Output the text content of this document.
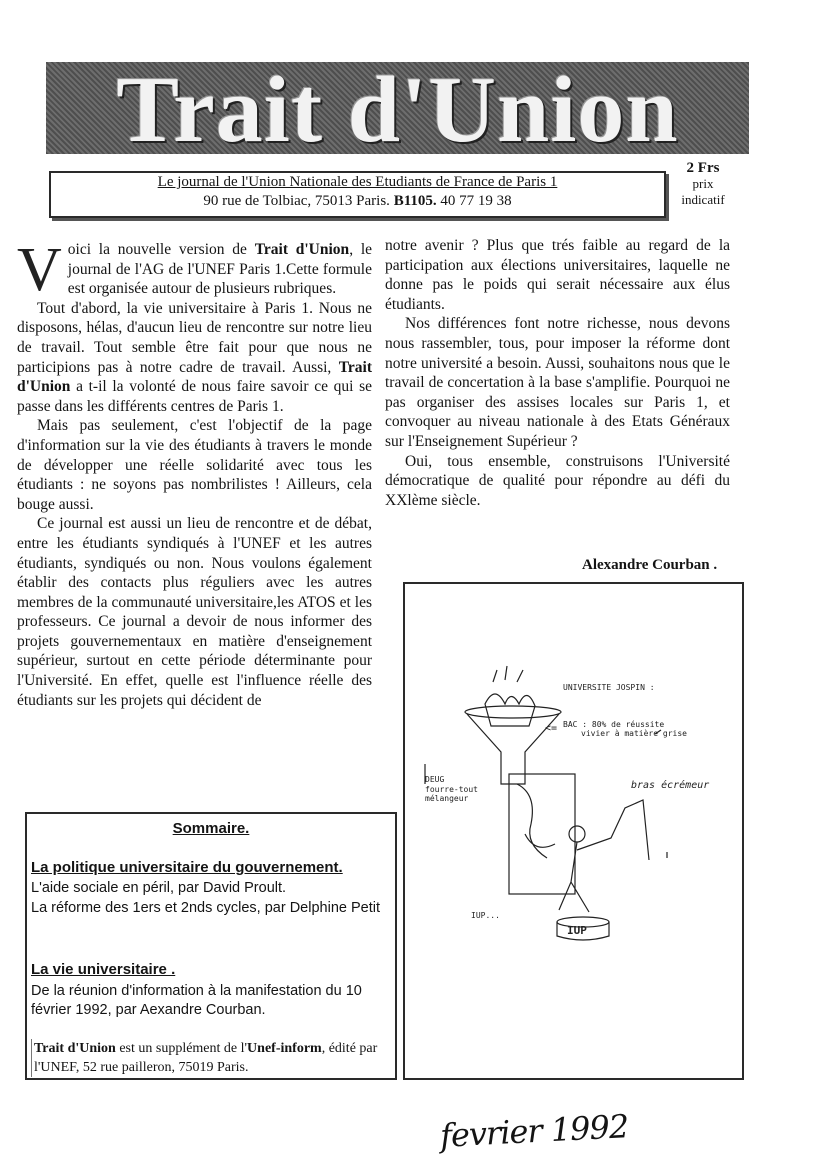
Trait d'Union
Le journal de l'Union Nationale des Etudiants de France de Paris 1
90 rue de Tolbiac, 75013 Paris. B1105. 40 77 19 38
2 Frs
prix
indicatif

Voici la nouvelle version de Trait d'Union, le journal de l'AG de l'UNEF Paris 1.Cette formule est organisée autour de plusieurs rubriques.

Tout d'abord, la vie universitaire à Paris 1. Nous ne disposons, hélas, d'aucun lieu de rencontre sur notre lieu de travail. Tout semble être fait pour que nous ne participions pas à notre cadre de travail. Aussi, Trait d'Union a t-il la volonté de nous faire savoir ce qui se passe dans les différents centres de Paris 1.

Mais pas seulement, c'est l'objectif de la page d'information sur la vie des étudiants à travers le monde de développer une réelle solidarité avec tous les étudiants : ne soyons pas nombrilistes ! Ailleurs, cela bouge aussi.

Ce journal est aussi un lieu de rencontre et de débat, entre les étudiants syndiqués à l'UNEF et les autres étudiants, syndiqués ou non. Nous voulons également établir des contacts plus réguliers avec les autres membres de la communauté universitaire,les ATOS et les professeurs. Ce journal a devoir de nous informer des projets gouvernementaux en matière d'enseignement supérieur, surtout en cette période déterminante pour l'Université. En effet, quelle est l'influence réelle des étudiants sur les projets qui décident de

notre avenir ? Plus que trés faible au regard de la participation aux élections universitaires, laquelle ne donne pas le poids qui serait nécessaire aux élus étudiants.

Nos différences font notre richesse, nous devons nous rassembler, tous, pour imposer la réforme dont notre université a besoin. Aussi, souhaitons nous que le travail de concertation à la base s'amplifie. Pourquoi ne pas organiser des assises locales sur Paris 1, et convoquer au niveau nationale à des Etats Généraux sur l'Enseignement Supérieur ?

Oui, tous ensemble, construisons l'Université démocratique de qualité pour répondre au défi du XXlème siècle.

Alexandre Courban .
UNIVERSITE JOSPIN :
<= BAC : 80% de réussite
vivier à matière grise
DEUG
fourre-tout
mélangeur
bras écrémeur
IUP...
IUP
Sommaire.
La politique universitaire du gouvernement.
L'aide sociale en péril, par David Proult.
La réforme des 1ers et 2nds cycles, par Delphine Petit
La vie universitaire .
De la réunion d'information à la manifestation du 10 février 1992, par Aexandre Courban.
Trait d'Union est un supplément de l'Unef-inform, édité par l'UNEF, 52 rue pailleron, 75019 Paris.
fevrier 1992
